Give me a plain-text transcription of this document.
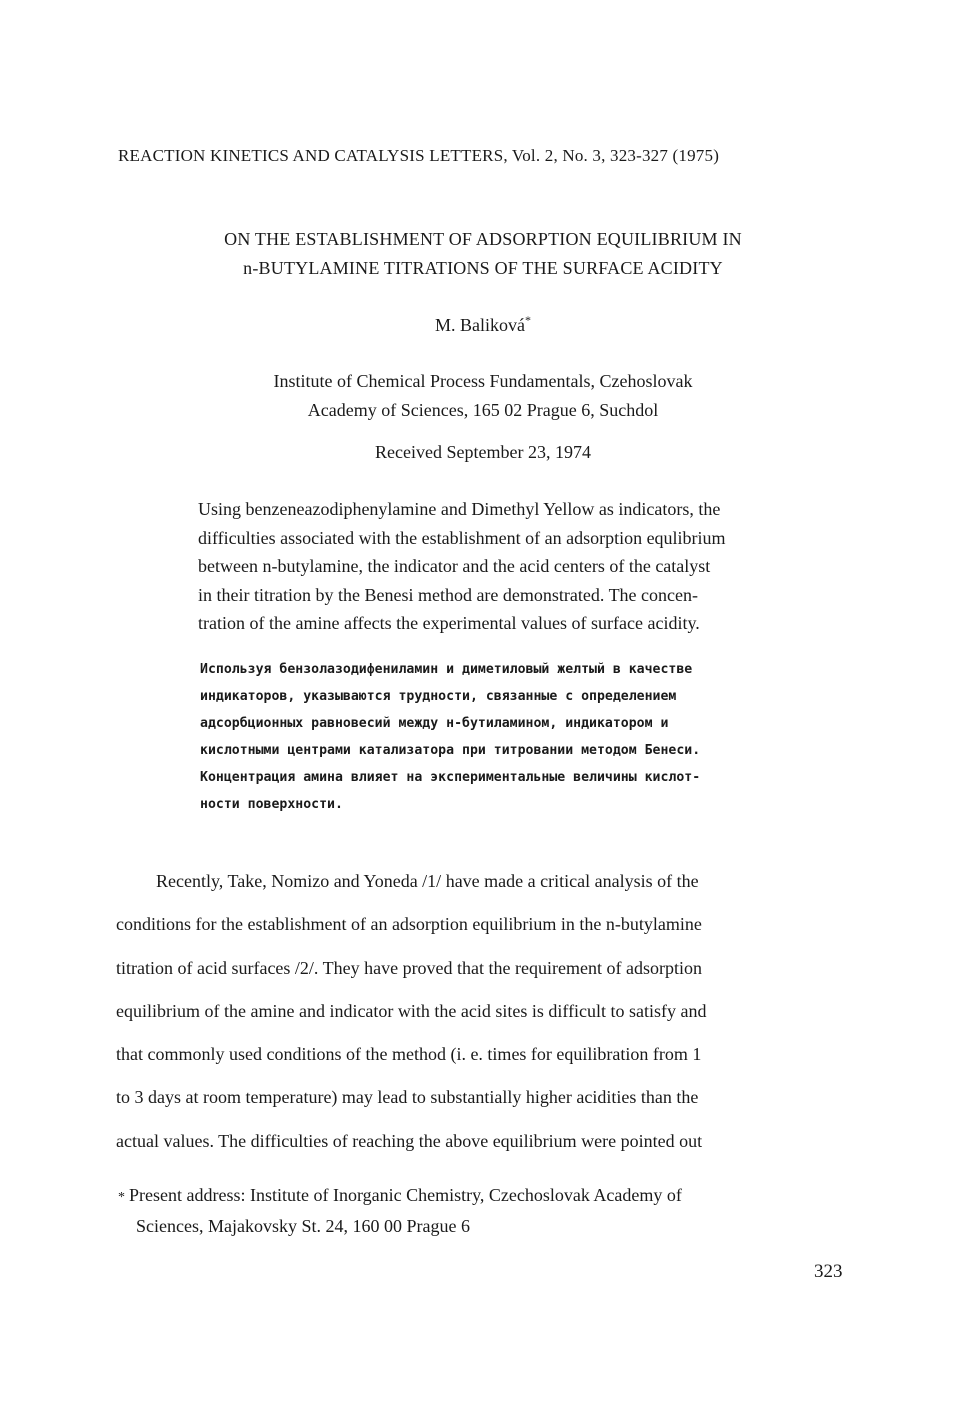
REACTION KINETICS AND CATALYSIS LETTERS, Vol. 2, No. 3, 323-327 (1975)
ON THE ESTABLISHMENT OF ADSORPTION EQUILIBRIUM IN
n-BUTYLAMINE TITRATIONS OF THE SURFACE ACIDITY
M. Baliková*
Institute of Chemical Process Fundamentals, Czehoslovak
Academy of Sciences, 165 02 Prague 6, Suchdol
Received September 23, 1974
Using benzeneazodiphenylamine and Dimethyl Yellow as indicators, the
difficulties associated with the establishment of an adsorption equlibrium
between n-butylamine, the indicator and the acid centers of the catalyst
in their titration by the Benesi method are demonstrated. The concen-
tration of the amine affects the experimental values of surface acidity.
Используя бензолазодифениламин и диметиловый желтый в качестве
индикаторов, указываются трудности, связанные с определением
адсорбционных равновесий между н-бутиламином, индикатором и
кислотными центрами катализатора при титровании методом Бенеси.
Концентрация амина влияет на экспериментальные величины кислот-
ности поверхности.
Recently, Take, Nomizo and Yoneda /1/ have made a critical analysis of the
conditions for the establishment of an adsorption equilibrium in the n-butylamine
titration of acid surfaces /2/. They have proved that the requirement of adsorption
equilibrium of the amine and indicator with the acid sites is difficult to satisfy and
that commonly used conditions of the method (i. e. times for equilibration from 1
to 3 days at room temperature) may lead to substantially higher acidities than the
actual values. The difficulties of reaching the above equilibrium were pointed out
* Present address: Institute of Inorganic Chemistry, Czechoslovak Academy of
Sciences, Majakovsky St. 24, 160 00 Prague 6
323
